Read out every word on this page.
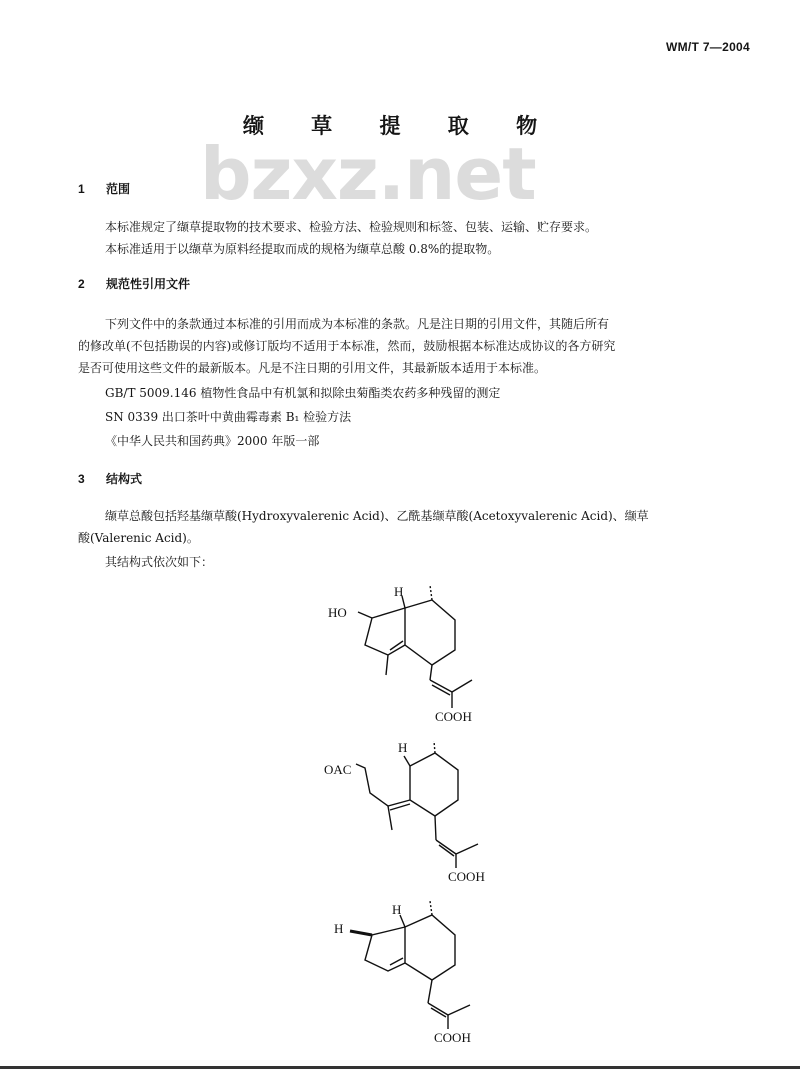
WM/T 7—2004
bzxz.net
缬 草 提 取 物
1 范围
本标准规定了缬草提取物的技术要求、检验方法、检验规则和标签、包装、运输、贮存要求。
本标准适用于以缬草为原料经提取而成的规格为缬草总酸 0.8%的提取物。
2 规范性引用文件
下列文件中的条款通过本标准的引用而成为本标准的条款。凡是注日期的引用文件，其随后所有
的修改单(不包括勘误的内容)或修订版均不适用于本标准，然而，鼓励根据本标准达成协议的各方研究
是否可使用这些文件的最新版本。凡是不注日期的引用文件，其最新版本适用于本标准。
GB/T 5009.146 植物性食品中有机氯和拟除虫菊酯类农药多种残留的测定
SN 0339 出口茶叶中黄曲霉毒素 B₁ 检验方法
《中华人民共和国药典》2000 年版一部
3 结构式
缬草总酸包括羟基缬草酸(Hydroxyvalerenic Acid)、乙酰基缬草酸(Acetoxyvalerenic Acid)、缬草
酸(Valerenic Acid)。
其结构式依次如下：
HO
H
COOH
OAC
H
COOH
H
H
COOH
